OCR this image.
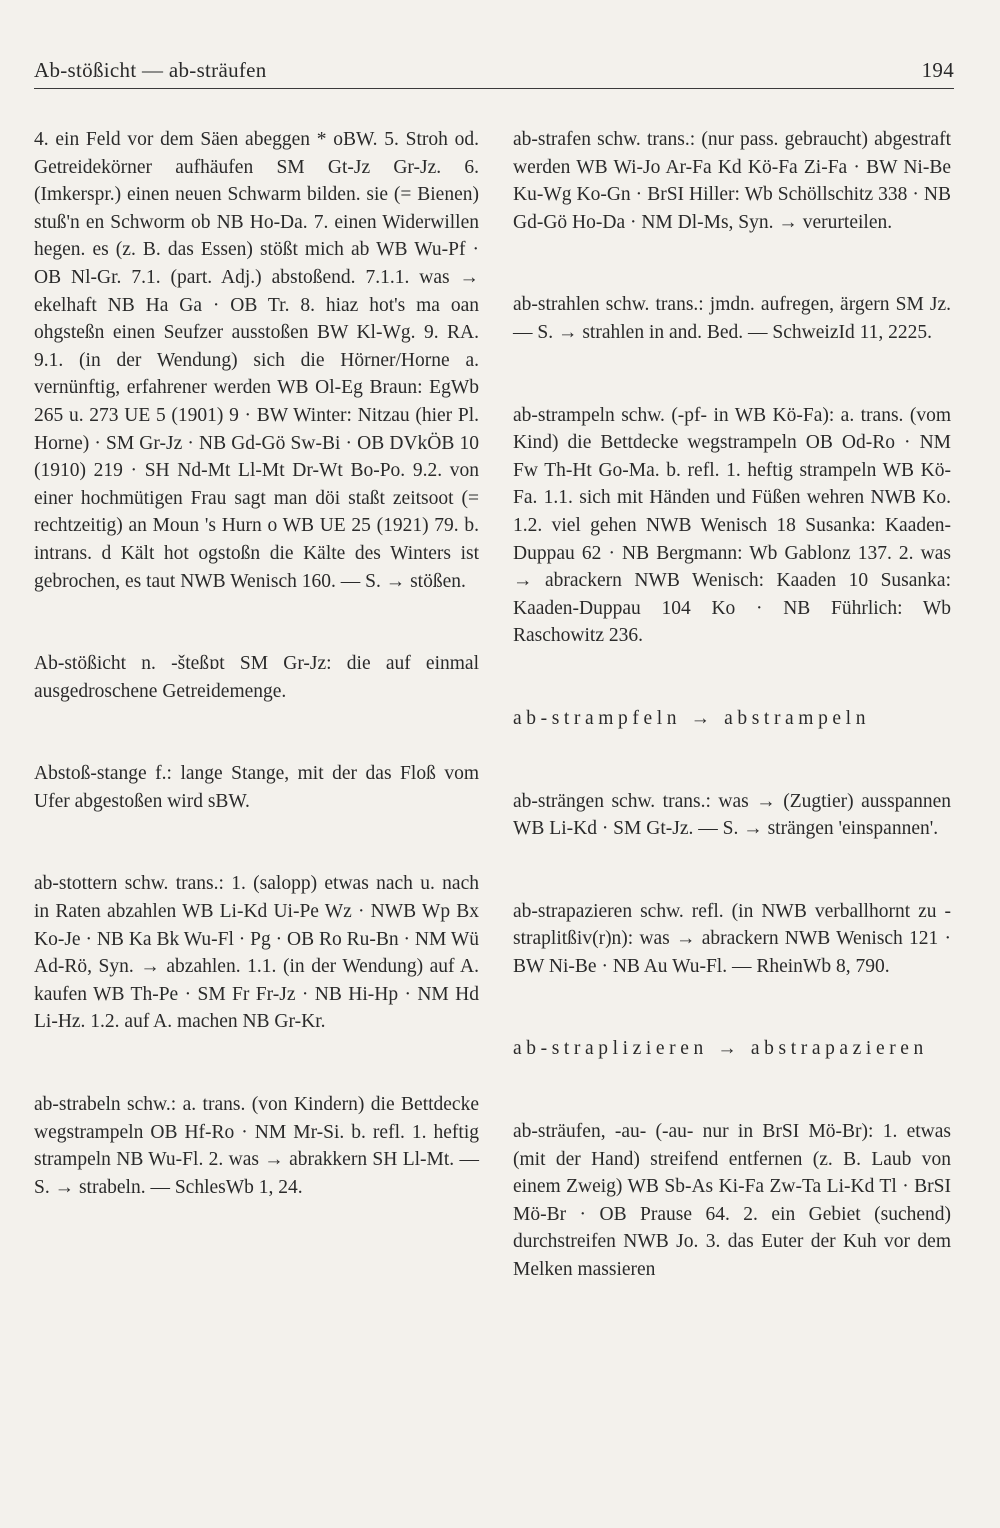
Ab-stößicht — ab-sträufen	194

4. ein Feld vor dem Säen abeggen * oBW. 5. Stroh od. Getreidekörner aufhäufen SM Gt-Jz Gr-Jz. 6. (Imkerspr.) einen neuen Schwarm bilden. sie (= Bienen) stuß'n en Schworm ob NB Ho-Da. 7. einen Widerwillen hegen. es (z. B. das Essen) stößt mich ab WB Wu-Pf · OB Nl-Gr. 7.1. (part. Adj.) abstoßend. 7.1.1. was → ekelhaft NB Ha Ga · OB Tr. 8. hiaz hot's ma oan ohgsteßn einen Seufzer ausstoßen BW Kl-Wg. 9. RA. 9.1. (in der Wendung) sich die Hörner/Horne a. vernünftig, erfahrener werden WB Ol-Eg Braun: EgWb 265 u. 273 UE 5 (1901) 9 · BW Winter: Nitzau (hier Pl. Horne) · SM Gr-Jz · NB Gd-Gö Sw-Bi · OB DVkÖB 10 (1910) 219 · SH Nd-Mt Ll-Mt Dr-Wt Bo-Po. 9.2. von einer hochmütigen Frau sagt man döi staßt zeitsoot (= rechtzeitig) an Moun 's Hurn o WB UE 25 (1921) 79. b. intrans. d Kält hot ogstoßn die Kälte des Winters ist gebrochen, es taut NWB Wenisch 160. — S. → stößen.

Ab-stößicht n. -šteßɒt SM Gr-Jz: die auf einmal ausgedroschene Getreidemenge.

Abstoß-stange f.: lange Stange, mit der das Floß vom Ufer abgestoßen wird sBW.

ab-stottern schw. trans.: 1. (salopp) etwas nach u. nach in Raten abzahlen WB Li-Kd Ui-Pe Wz · NWB Wp Bx Ko-Je · NB Ka Bk Wu-Fl · Pg · OB Ro Ru-Bn · NM Wü Ad-Rö, Syn. → abzahlen. 1.1. (in der Wendung) auf A. kaufen WB Th-Pe · SM Fr Fr-Jz · NB Hi-Hp · NM Hd Li-Hz. 1.2. auf A. machen NB Gr-Kr.

ab-strabeln schw.: a. trans. (von Kindern) die Bettdecke wegstrampeln OB Hf-Ro · NM Mr-Si. b. refl. 1. heftig strampeln NB Wu-Fl. 2. was → abrakkern SH Ll-Mt. — S. → strabeln. — SchlesWb 1, 24.

ab-strafen schw. trans.: (nur pass. gebraucht) abgestraft werden WB Wi-Jo Ar-Fa Kd Kö-Fa Zi-Fa · BW Ni-Be Ku-Wg Ko-Gn · BrSI Hiller: Wb Schöllschitz 338 · NB Gd-Gö Ho-Da · NM Dl-Ms, Syn. → verurteilen.

ab-strahlen schw. trans.: jmdn. aufregen, ärgern SM Jz. — S. → strahlen in and. Bed. — SchweizId 11, 2225.

ab-strampeln schw. (-pf- in WB Kö-Fa): a. trans. (vom Kind) die Bettdecke wegstrampeln OB Od-Ro · NM Fw Th-Ht Go-Ma. b. refl. 1. heftig strampeln WB Kö-Fa. 1.1. sich mit Händen und Füßen wehren NWB Ko. 1.2. viel gehen NWB Wenisch 18 Susanka: Kaaden-Duppau 62 · NB Bergmann: Wb Gablonz 137. 2. was → abrackern NWB Wenisch: Kaaden 10 Susanka: Kaaden-Duppau 104 Ko · NB Führlich: Wb Raschowitz 236.

ab-strampfeln → abstrampeln

ab-strängen schw. trans.: was → (Zugtier) ausspannen WB Li-Kd · SM Gt-Jz. — S. → strängen 'einspannen'.

ab-strapazieren schw. refl. (in NWB verballhornt zu -straplitßiv(r)n): was → abrackern NWB Wenisch 121 · BW Ni-Be · NB Au Wu-Fl. — RheinWb 8, 790.

ab-straplizieren → abstrapazieren

ab-sträufen, -au- (-au- nur in BrSI Mö-Br): 1. etwas (mit der Hand) streifend entfernen (z. B. Laub von einem Zweig) WB Sb-As Ki-Fa Zw-Ta Li-Kd Tl · BrSI Mö-Br · OB Prause 64. 2. ein Gebiet (suchend) durchstreifen NWB Jo. 3. das Euter der Kuh vor dem Melken massieren
